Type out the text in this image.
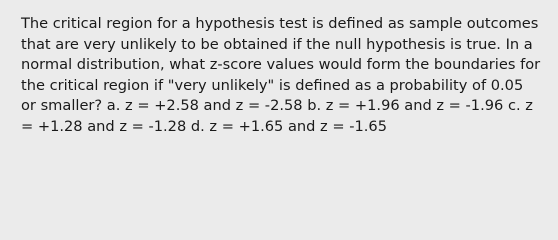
The critical region for a hypothesis test is defined as sample outcomes that are very unlikely to be obtained if the null hypothesis is true. In a normal distribution, what z-score values would form the boundaries for the critical region if "very unlikely" is defined as a probability of 0.05 or smaller? a. z = +2.58 and z = -2.58 b. z = +1.96 and z = -1.96 c. z = +1.28 and z = -1.28 d. z = +1.65 and z = -1.65
